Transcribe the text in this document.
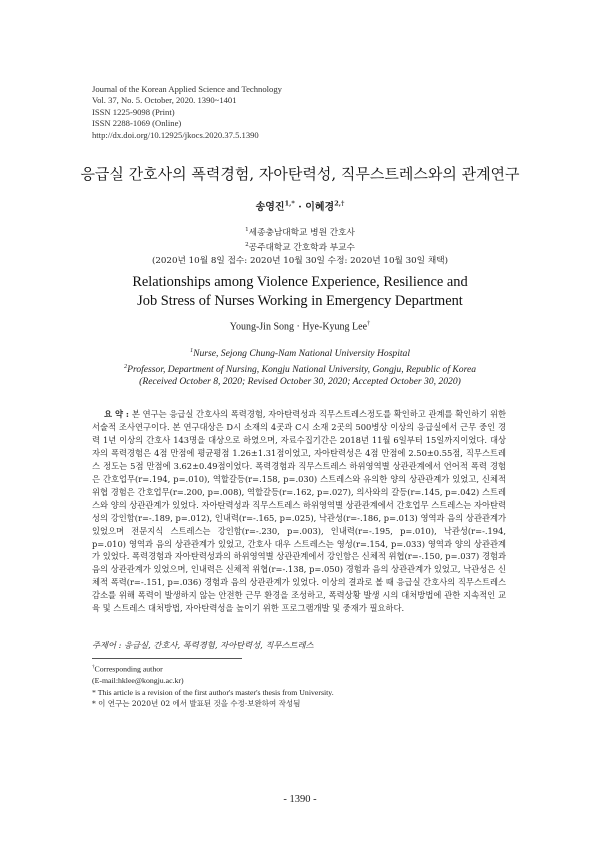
Journal of the Korean Applied Science and Technology
Vol. 37, No. 5. October, 2020. 1390~1401
ISSN 1225-9098 (Print)
ISSN 2288-1069 (Online)
http://dx.doi.org/10.12925/jkocs.2020.37.5.1390
응급실 간호사의 폭력경험, 자아탄력성, 직무스트레스와의 관계연구
송영진$^{1,*}$ · 이혜경$^{2,\dagger}$
$^1$세종충남대학교 병원 간호사
$^2$공주대학교 간호학과 부교수
(2020년 10월 8일 접수: 2020년 10월 30일 수정: 2020년 10월 30일 채택)
Relationships among Violence Experience, Resilience and
Job Stress of Nurses Working in Emergency Department
Young-Jin Song · Hye-Kyung Lee†
$^1$Nurse, Sejong Chung-Nam National University Hospital
$^2$Professor, Department of Nursing, Kongju National University, Gongju, Republic of Korea
(Received October 8, 2020; Revised October 30, 2020; Accepted October 30, 2020)
요 약 : 본 연구는 응급실 간호사의 폭력경험, 자아탄력성과 직무스트레스정도를 확인하고 관계를 확인하기 위한 서술적 조사연구이다. 본 연구대상은 D시 소재의 4곳과 C시 소재 2곳의 500병상 이상의 응급실에서 근무 중인 경력 1년 이상의 간호사 143명을 대상으로 하였으며, 자료수집기간은 2018년 11월 6일부터 15일까지이었다. 대상자의 폭력경험은 4점 만점에 평균평점 1.26±1.31점이었고, 자아탄력성은 4점 만점에 2.50±0.55점, 직무스트레스 정도는 5점 만점에 3.62±0.49점이었다. 폭력경험과 직무스트레스 하위영역별 상관관계에서 언어적 폭력 경험은 간호업무(r=.194, p=.010), 역할갈등(r=.158, p=.030) 스트레스와 유의한 양의 상관관계가 있었고, 신체적 위협 경험은 간호업무(r=.200, p=.008), 역할갈등(r=.162, p=.027), 의사와의 갈등(r=.145, p=.042) 스트레스와 양의 상관관계가 있었다. 자아탄력성과 직무스트레스 하위영역별 상관관계에서 간호업무 스트레스는 자아탄력성의 강인함(r=-.189, p=.012), 인내력(r=-.165, p=.025), 낙관성(r=-.186, p=.013) 영역과 음의 상관관계가 있었으며 전문지식 스트레스는 강인함(r=-.230, p=.003), 인내력(r=-.195, p=.010), 낙관성(r=-.194, p=.010) 영역과 음의 상관관계가 있었고, 간호사 대우 스트레스는 영성(r=.154, p=.033) 영역과 양의 상관관계가 있었다. 폭력경험과 자아탄력성과의 하위영역별 상관관계에서 강인함은 신체적 위협(r=-.150, p=.037) 경험과 음의 상관관계가 있었으며, 인내력은 신체적 위협(r=-.138, p=.050) 경험과 음의 상관관계가 있었고, 낙관성은 신체적 폭력(r=-.151, p=.036) 경험과 음의 상관관계가 있었다. 이상의 결과로 볼 때 응급실 간호사의 직무스트레스 감소를 위해 폭력이 발생하지 않는 안전한 근무 환경을 조성하고, 폭력상황 발생 시의 대처방법에 관한 지속적인 교육 및 스트레스 대처방법, 자아탄력성을 높이기 위한 프로그램개발 및 중재가 필요하다.
주제어 : 응급실, 간호사, 폭력경험, 자아탄력성, 직무스트레스
†Corresponding author
(E-mail:hklee@kongju.ac.kr)
* This article is a revision of the first author's master's thesis from University.
* 이 연구는 2020년 02 에서 발표된 것을 수정·보완하여 작성됨
- 1390 -
